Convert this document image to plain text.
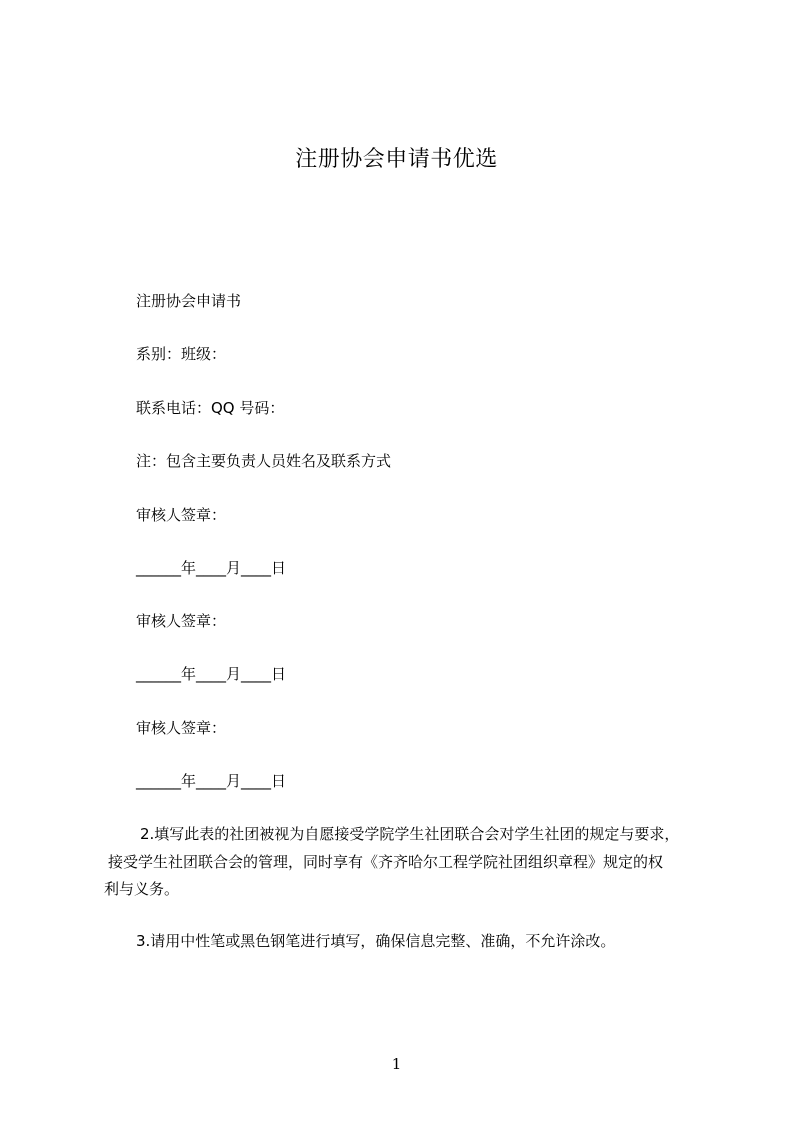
注册协会申请书优选
注册协会申请书
系别：班级：
联系电话：QQ 号码：
注：包含主要负责人员姓名及联系方式
审核人签章：
______年____月____日
审核人签章：
______年____月____日
审核人签章：
______年____月____日
2.填写此表的社团被视为自愿接受学院学生社团联合会对学生社团的规定与要求，
接受学生社团联合会的管理，同时享有《齐齐哈尔工程学院社团组织章程》规定的权
利与义务。
3.请用中性笔或黑色钢笔进行填写，确保信息完整、准确，不允许涂改。
1
